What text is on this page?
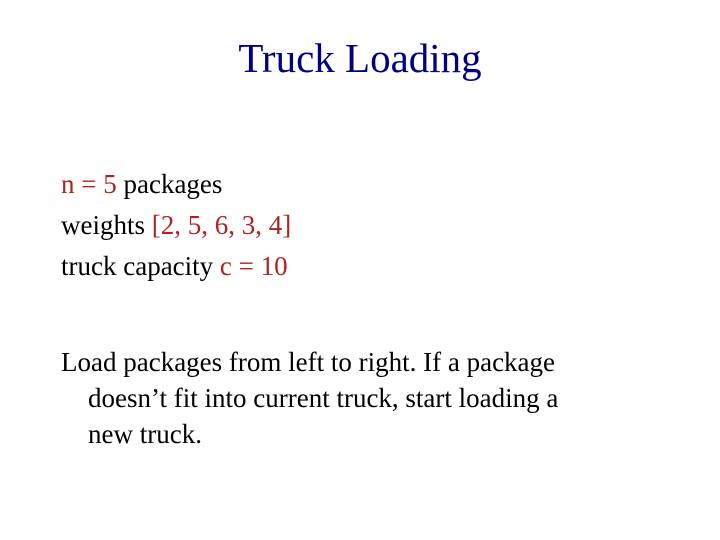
Truck Loading
n = 5 packages
weights [2, 5, 6, 3, 4]
truck capacity c = 10

Load packages from left to right. If a package
doesn’t fit into current truck, start loading a
new truck.
